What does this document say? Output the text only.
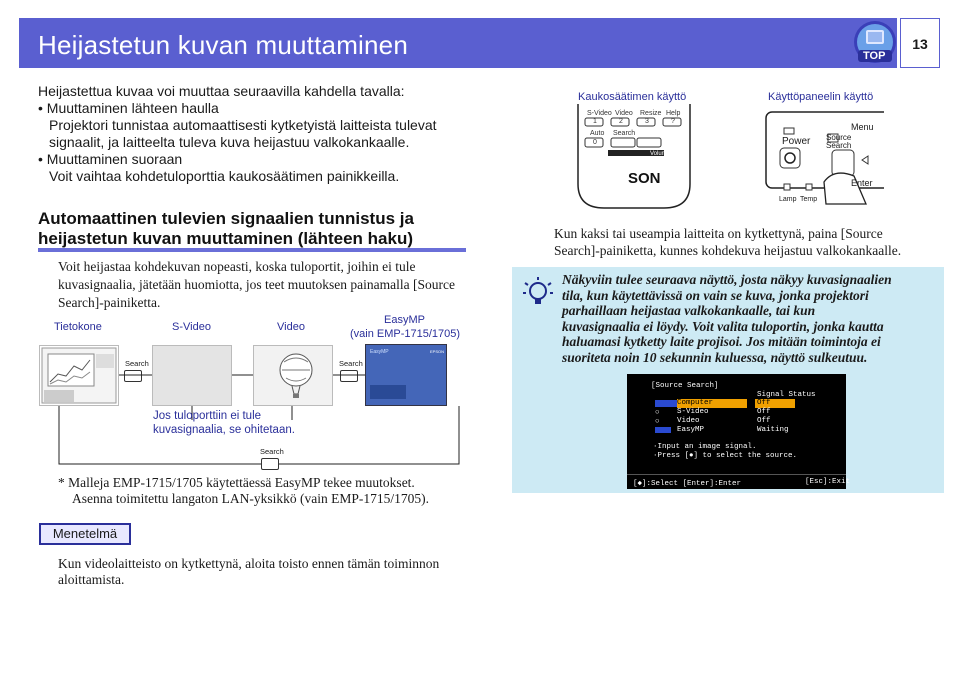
Heijastetun kuvan muuttaminen	13
TOP
Heijastettua kuvaa voi muuttaa seuraavilla kahdella tavalla:
• Muuttaminen lähteen haulla
Projektori tunnistaa automaattisesti kytketyistä laitteista tulevat
signaalit, ja laitteelta tuleva kuva heijastuu valkokankaalle.
• Muuttaminen suoraan
Voit vaihtaa kohdetuloporttia kaukosäätimen painikkeilla.
Kaukosäätimen käyttö
S-Video Video Resize Help
1	2	3	?
Auto Search
0
Volume
SON
Käyttöpaneelin käyttö
Menu
Power Source
Search
Enter
Lamp Temp
Automaattinen tulevien signaalien tunnistus ja
heijastetun kuvan muuttaminen (lähteen haku)
Voit heijastaa kohdekuvan nopeasti, koska tuloportit, joihin ei tule
kuvasignaalia, jätetään huomiotta, jos teet muutoksen painamalla [Source
Search]-painiketta.
Tietokone	S-Video	Video
EasyMP
(vain EMP-1715/1705)
EasyMP	EPSON
Search	Search
Search
Jos tuloporttiin ei tule
kuvasignaalia, se ohitetaan.
* Malleja EMP-1715/1705 käytettäessä EasyMP tekee muutokset.
Asenna toimitettu langaton LAN-yksikkö (vain EMP-1715/1705).
Kun kaksi tai useampia laitteita on kytkettynä, paina [Source
Search]-painiketta, kunnes kohdekuva heijastuu valkokankaalle.
Näkyviin tulee seuraava näyttö, josta näkyy kuvasignaalien
tila, kun käytettävissä on vain se kuva, jonka projektori
parhaillaan heijastaa valkokankaalle, tai kun
kuvasignaalia ei löydy. Voit valita tuloportin, jonka kautta
haluamasi kytketty laite projisoi. Jos mitään toimintoja ei
suoriteta noin 10 sekunnin kuluessa, näyttö sulkeutuu.
[Source Search]
Signal Status
Computer	Off
○ S-Video	Off
○ Video	Off
EasyMP	Waiting
·Input an image signal.
·Press [●] to select the source.
[◆]:Select [Enter]:Enter	[Esc]:Exit
Menetelmä
Kun videolaitteisto on kytkettynä, aloita toisto ennen tämän toiminnon
aloittamista.
